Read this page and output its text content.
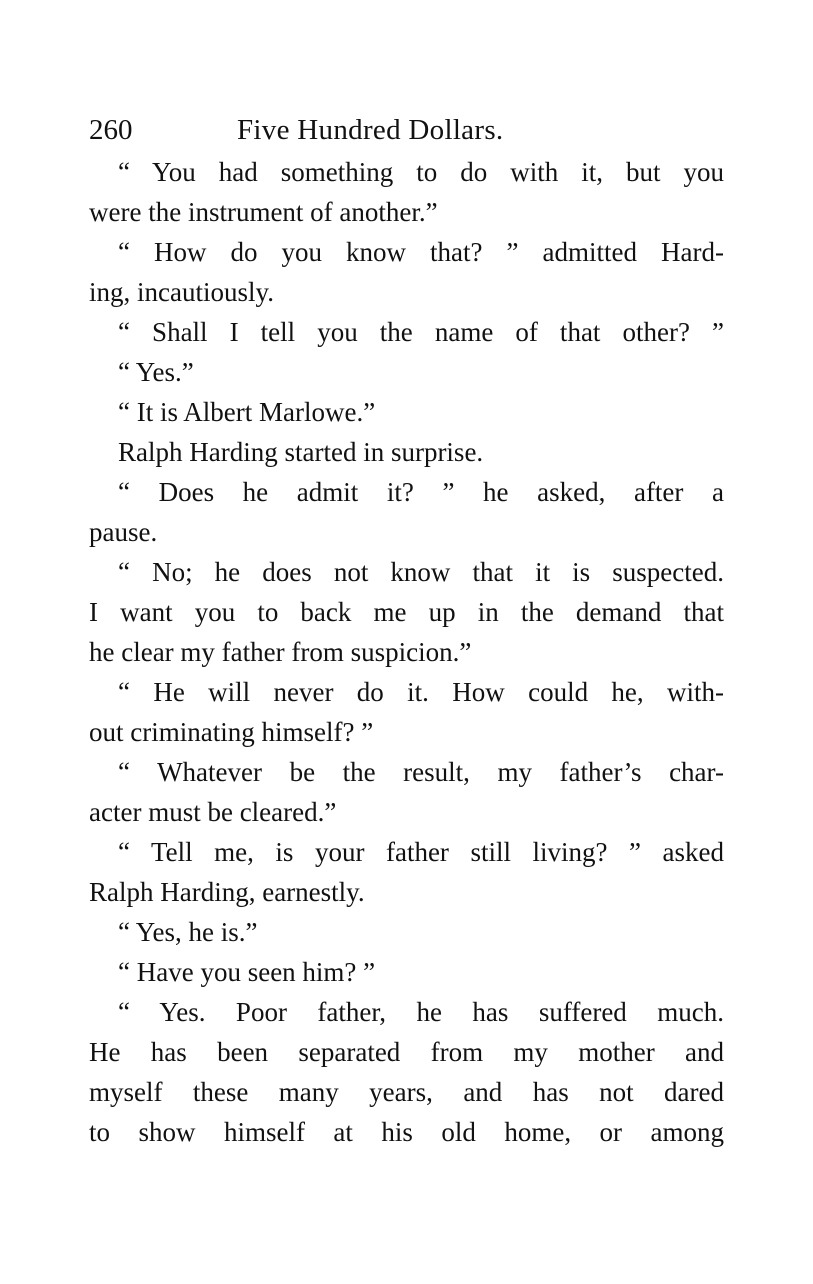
260	Five Hundred Dollars.
“ You had something to do with it, but you
were the instrument of another.”
“ How do you know that? ” admitted Hard-
ing, incautiously.
“ Shall I tell you the name of that other? ”
“ Yes.”
“ It is Albert Marlowe.”
Ralph Harding started in surprise.
“ Does he admit it? ” he asked, after a
pause.
“ No; he does not know that it is suspected.
I want you to back me up in the demand that
he clear my father from suspicion.”
“ He will never do it. How could he, with-
out criminating himself? ”
“ Whatever be the result, my father’s char-
acter must be cleared.”
“ Tell me, is your father still living? ” asked
Ralph Harding, earnestly.
“ Yes, he is.”
“ Have you seen him? ”
“ Yes. Poor father, he has suffered much.
He has been separated from my mother and
myself these many years, and has not dared
to show himself at his old home, or among
